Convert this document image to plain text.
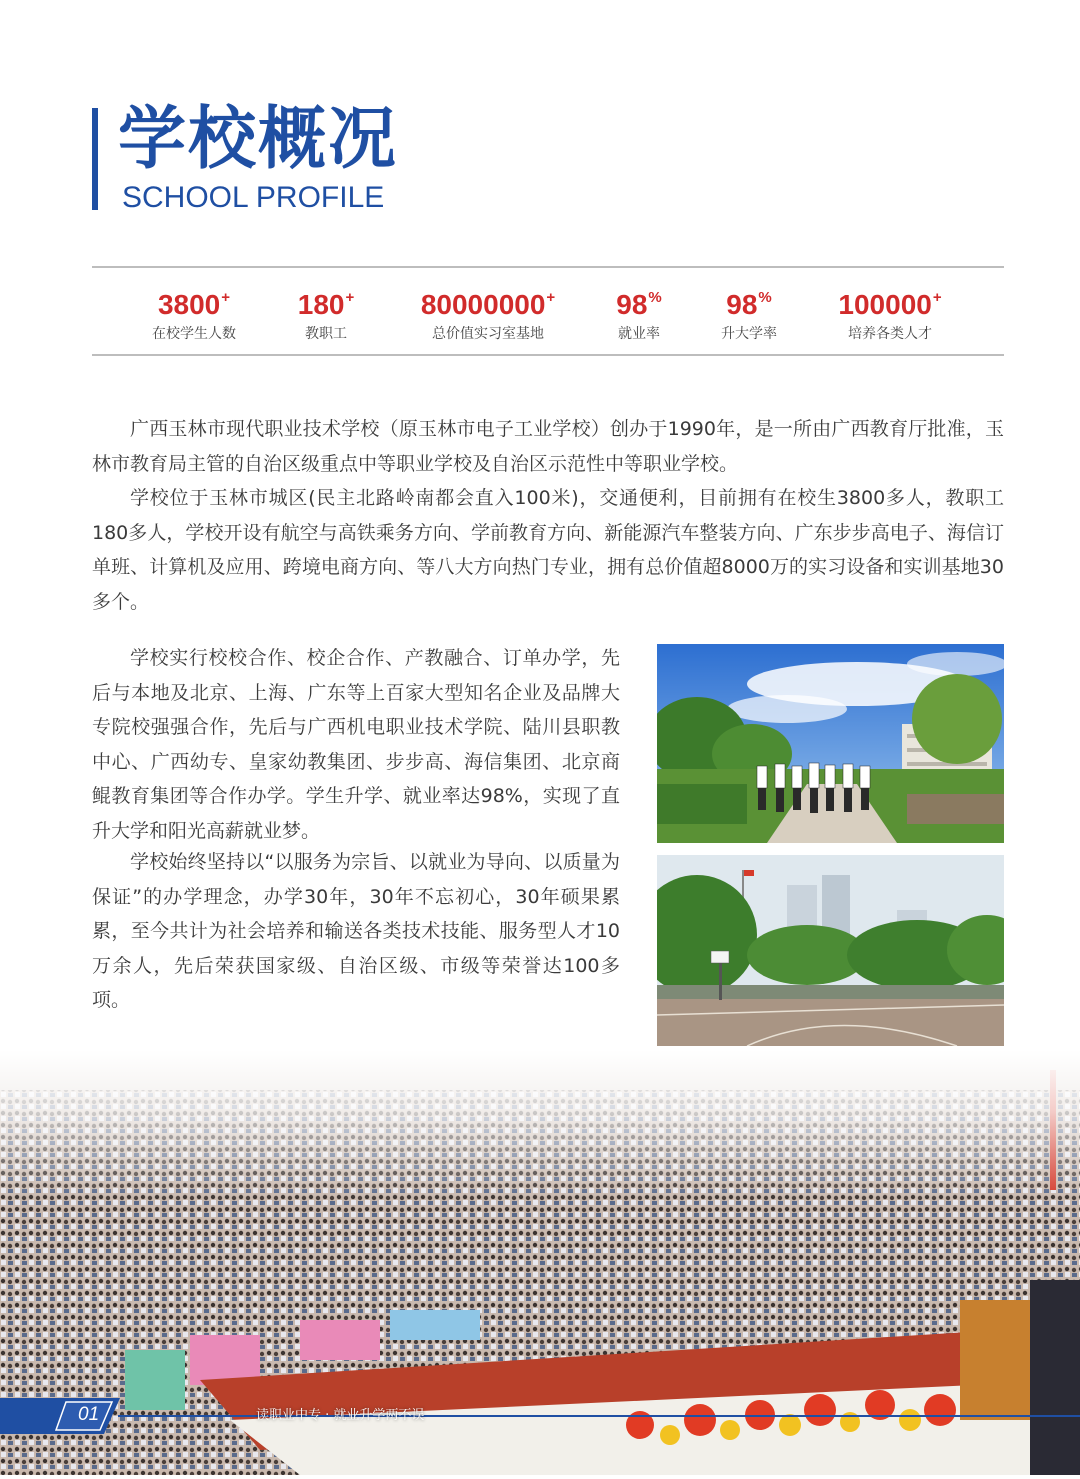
学校概况
SCHOOL PROFILE
3800+
在校学生人数
180+
教职工
80000000+
总价值实习室基地
98%
就业率
98%
升大学率
100000+
培养各类人才

广西玉林市现代职业技术学校（原玉林市电子工业学校）创办于1990年，是一所由广西教育厅批准，玉林市教育局主管的自治区级重点中等职业学校及自治区示范性中等职业学校。

学校位于玉林市城区(民主北路岭南都会直入100米)，交通便利，目前拥有在校生3800多人，教职工180多人，学校开设有航空与高铁乘务方向、学前教育方向、新能源汽车整装方向、广东步步高电子、海信订单班、计算机及应用、跨境电商方向、等八大方向热门专业，拥有总价值超8000万的实习设备和实训基地30多个。

学校实行校校合作、校企合作、产教融合、订单办学，先后与本地及北京、上海、广东等上百家大型知名企业及品牌大专院校强强合作，先后与广西机电职业技术学院、陆川县职教中心、广西幼专、皇家幼教集团、步步高、海信集团、北京商鲲教育集团等合作办学。学生升学、就业率达98%，实现了直升大学和阳光高薪就业梦。

学校始终坚持以“以服务为宗旨、以就业为导向、以质量为保证”的办学理念，办学30年，30年不忘初心，30年硕果累累，至今共计为社会培养和输送各类技术技能、服务型人才10万余人，先后荣获国家级、自治区级、市级等荣誉达100多项。

01	读职业中专 · 就业升学两不误
